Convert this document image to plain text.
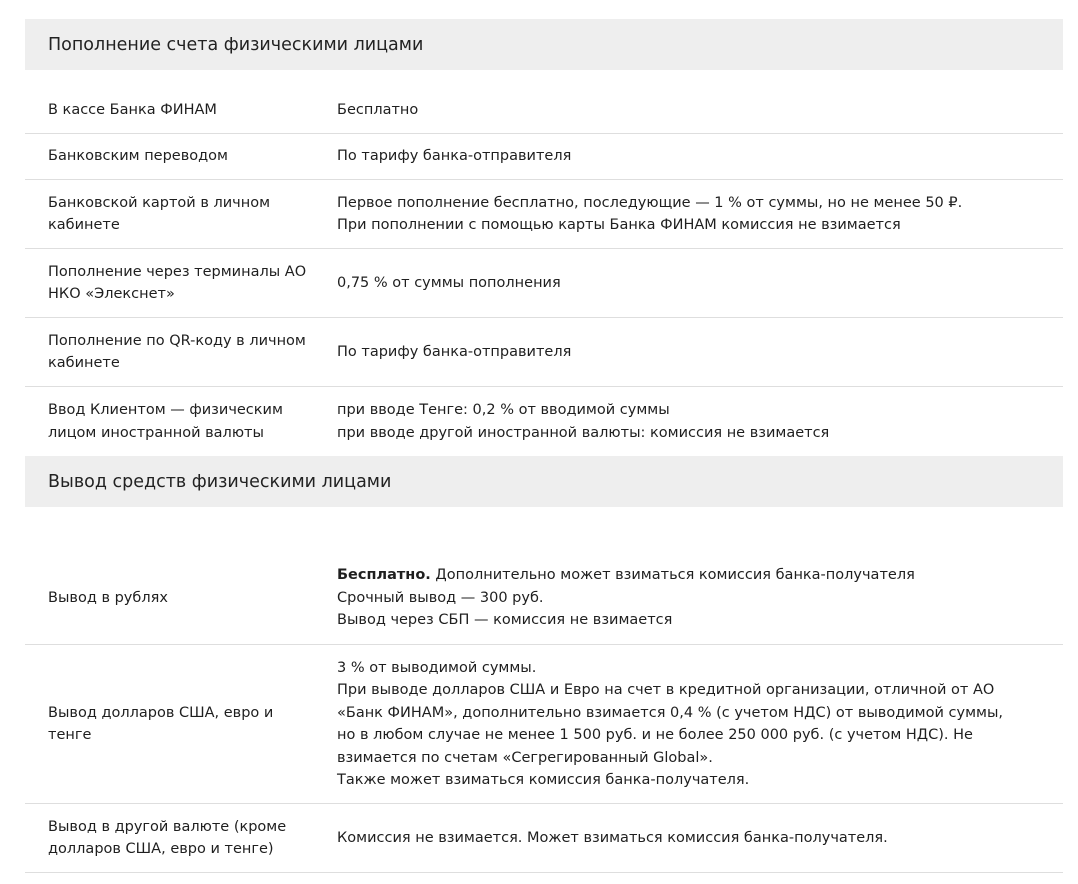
Пополнение счета физическими лицами
В кассе Банка ФИНАМ	Бесплатно
Банковским переводом	По тарифу банка-отправителя
Банковской картой в личном кабинете
Первое пополнение бесплатно, последующие — 1 % от суммы, но не менее 50 ₽.
При пополнении с помощью карты Банка ФИНАМ комиссия не взимается
Пополнение через терминалы АО НКО «Элекснет»
0,75 % от суммы пополнения
Пополнение по QR-коду в личном кабинете
По тарифу банка-отправителя
Ввод Клиентом — физическим лицом иностранной валюты
при вводе Тенге: 0,2 % от вводимой суммы
при вводе другой иностранной валюты: комиссия не взимается
Вывод средств физическими лицами
Вывод в рублях
Бесплатно. Дополнительно может взиматься комиссия банка-получателя
Срочный вывод — 300 руб.
Вывод через СБП — комиссия не взимается
Вывод долларов США, евро и тенге
3 % от выводимой суммы.
При выводе долларов США и Евро на счет в кредитной организации, отличной от АО
«Банк ФИНАМ», дополнительно взимается 0,4 % (с учетом НДС) от выводимой суммы,
но в любом случае не менее 1 500 руб. и не более 250 000 руб. (с учетом НДС). Не
взимается по счетам «Сегрегированный Global».
Также может взиматься комиссия банка-получателя.
Вывод в другой валюте (кроме долларов США, евро и тенге)
Комиссия не взимается. Может взиматься комиссия банка-получателя.
